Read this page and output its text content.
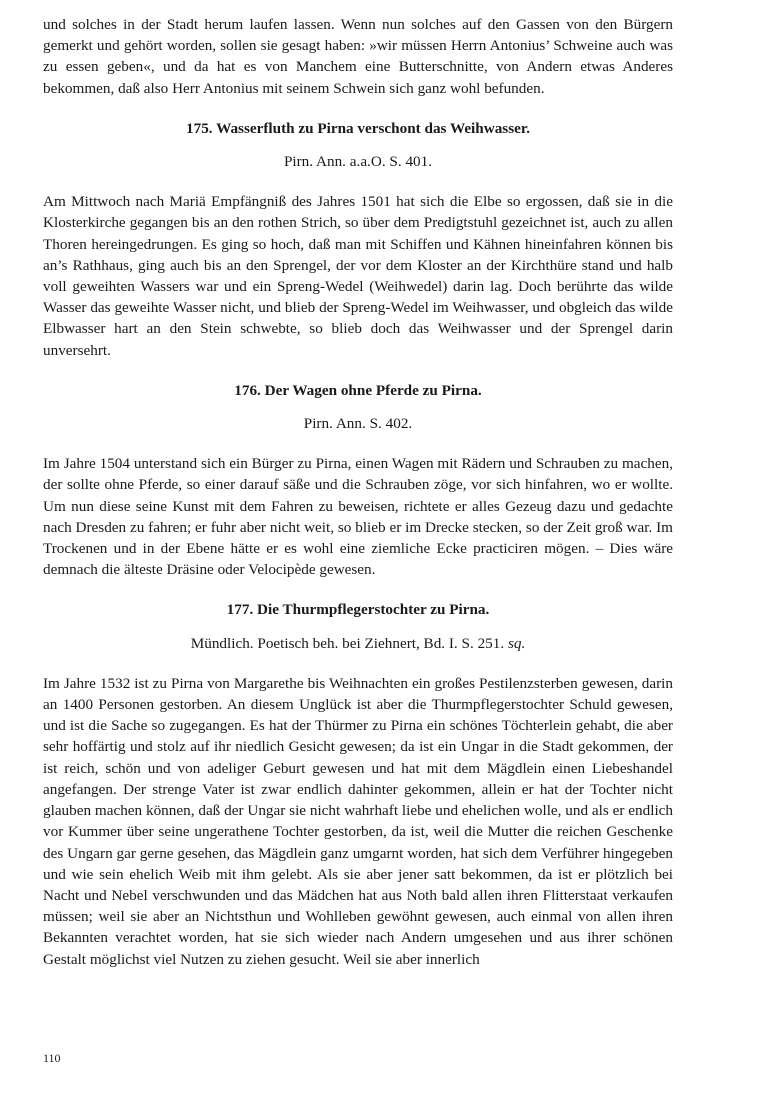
und solches in der Stadt herum laufen lassen. Wenn nun solches auf den Gassen von den Bürgern gemerkt und gehört worden, sollen sie gesagt haben: »wir müssen Herrn Antonius’ Schweine auch was zu essen geben«, und da hat es von Manchem eine Butterschnitte, von Andern etwas Anderes bekommen, daß also Herr Antonius mit seinem Schwein sich ganz wohl befunden.

175. Wasserfluth zu Pirna verschont das Weihwasser.

Pirn. Ann. a.a.O. S. 401.

Am Mittwoch nach Mariä Empfängniß des Jahres 1501 hat sich die Elbe so ergossen, daß sie in die Klosterkirche gegangen bis an den rothen Strich, so über dem Predigtstuhl gezeichnet ist, auch zu allen Thoren hereingedrungen. Es ging so hoch, daß man mit Schiffen und Kähnen hineinfahren können bis an’s Rathhaus, ging auch bis an den Sprengel, der vor dem Kloster an der Kirchthüre stand und halb voll geweihten Wassers war und ein Spreng-Wedel (Weihwedel) darin lag. Doch berührte das wilde Wasser das geweihte Wasser nicht, und blieb der Spreng-Wedel im Weihwasser, und obgleich das wilde Elbwasser hart an den Stein schwebte, so blieb doch das Weihwasser und der Sprengel darin unversehrt.

176. Der Wagen ohne Pferde zu Pirna.

Pirn. Ann. S. 402.

Im Jahre 1504 unterstand sich ein Bürger zu Pirna, einen Wagen mit Rädern und Schrauben zu machen, der sollte ohne Pferde, so einer darauf säße und die Schrauben zöge, vor sich hinfahren, wo er wollte. Um nun diese seine Kunst mit dem Fahren zu beweisen, richtete er alles Gezeug dazu und gedachte nach Dresden zu fahren; er fuhr aber nicht weit, so blieb er im Drecke stecken, so der Zeit groß war. Im Trockenen und in der Ebene hätte er es wohl eine ziemliche Ecke practiciren mögen. – Dies wäre demnach die älteste Dräsine oder Velocipède gewesen.

177. Die Thurmpflegerstochter zu Pirna.

Mündlich. Poetisch beh. bei Ziehnert, Bd. I. S. 251. sq.

Im Jahre 1532 ist zu Pirna von Margarethe bis Weihnachten ein großes Pestilenzsterben gewesen, darin an 1400 Personen gestorben. An diesem Unglück ist aber die Thurmpflegerstochter Schuld gewesen, und ist die Sache so zugegangen. Es hat der Thürmer zu Pirna ein schönes Töchterlein gehabt, die aber sehr hoffärtig und stolz auf ihr niedlich Gesicht gewesen; da ist ein Ungar in die Stadt gekommen, der ist reich, schön und von adeliger Geburt gewesen und hat mit dem Mägdlein einen Liebeshandel angefangen. Der strenge Vater ist zwar endlich dahinter gekommen, allein er hat der Tochter nicht glauben machen können, daß der Ungar sie nicht wahrhaft liebe und ehelichen wolle, und als er endlich vor Kummer über seine ungerathene Tochter gestorben, da ist, weil die Mutter die reichen Geschenke des Ungarn gar gerne gesehen, das Mägdlein ganz umgarnt worden, hat sich dem Verführer hingegeben und wie sein ehelich Weib mit ihm gelebt. Als sie aber jener satt bekommen, da ist er plötzlich bei Nacht und Nebel verschwunden und das Mädchen hat aus Noth bald allen ihren Flitterstaat verkaufen müssen; weil sie aber an Nichtsthun und Wohlleben gewöhnt gewesen, auch einmal von allen ihren Bekannten verachtet worden, hat sie sich wieder nach Andern umgesehen und aus ihrer schönen Gestalt möglichst viel Nutzen zu ziehen gesucht. Weil sie aber innerlich

110
